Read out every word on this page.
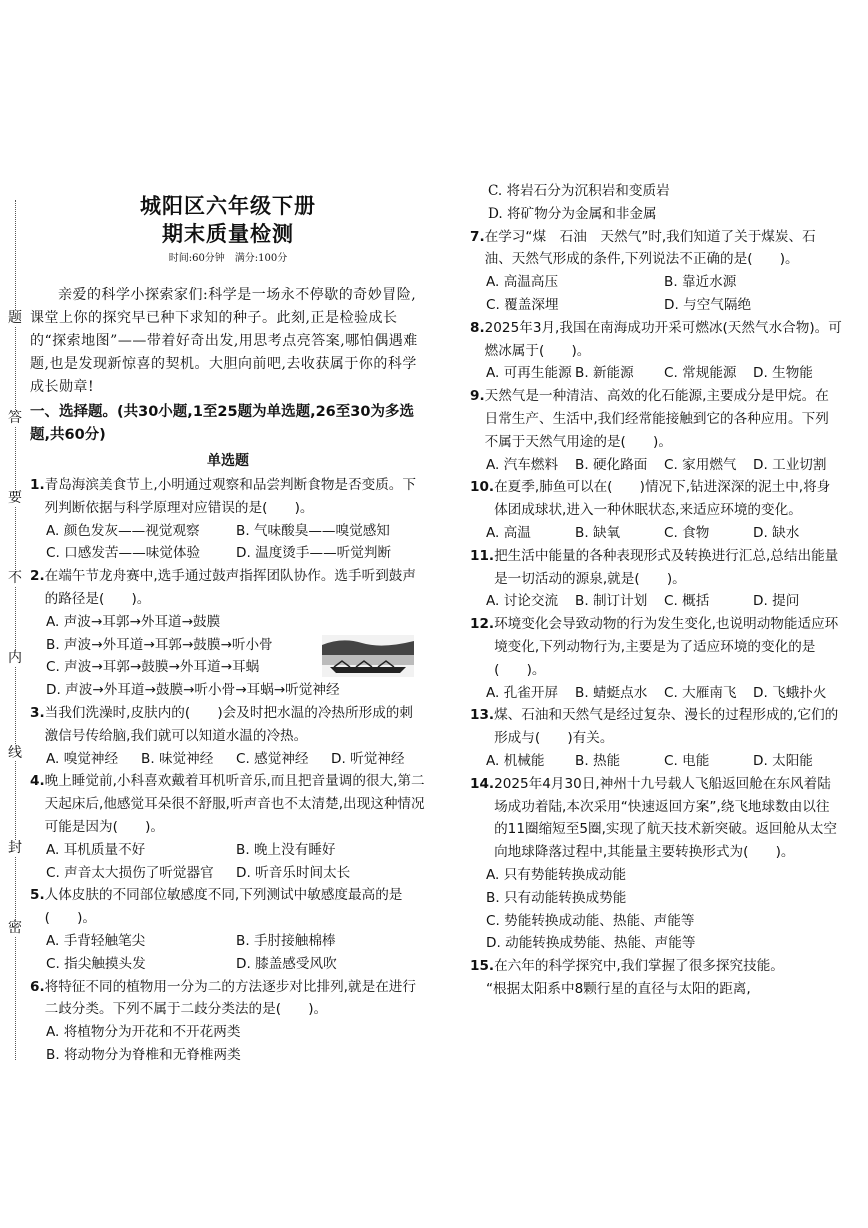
题
答
要
不
内
线
封
密
城阳区六年级下册
期末质量检测
时间:60分钟　满分:100分
亲爱的科学小探索家们:科学是一场永不停歇的奇妙冒险,课堂上你的探究早已种下求知的种子。此刻,正是检验成长的“探索地图”——带着好奇出发,用思考点亮答案,哪怕偶遇难题,也是发现新惊喜的契机。大胆向前吧,去收获属于你的科学成长勋章!
一、选择题。(共30小题,1至25题为单选题,26至30为多选题,共60分)
单选题
1. 青岛海滨美食节上,小明通过观察和品尝判断食物是否变质。下列判断依据与科学原理对应错误的是(　　)。
A. 颜色发灰——视觉观察	B. 气味酸臭——嗅觉感知
C. 口感发苦——味觉体验	D. 温度烫手——听觉判断
2. 在端午节龙舟赛中,选手通过鼓声指挥团队协作。选手听到鼓声的路径是(　　)。
A. 声波→耳郭→外耳道→鼓膜
B. 声波→外耳道→耳郭→鼓膜→听小骨
C. 声波→耳郭→鼓膜→外耳道→耳蜗
D. 声波→外耳道→鼓膜→听小骨→耳蜗→听觉神经
3. 当我们洗澡时,皮肤内的(　　)会及时把水温的冷热所形成的刺激信号传给脑,我们就可以知道水温的冷热。
A. 嗅觉神经	B. 味觉神经	C. 感觉神经	D. 听觉神经
4. 晚上睡觉前,小科喜欢戴着耳机听音乐,而且把音量调的很大,第二天起床后,他感觉耳朵很不舒服,听声音也不太清楚,出现这种情况可能是因为(　　)。
A. 耳机质量不好	B. 晚上没有睡好
C. 声音太大损伤了听觉器官	D. 听音乐时间太长
5. 人体皮肤的不同部位敏感度不同,下列测试中敏感度最高的是(　　)。
A. 手背轻触笔尖	B. 手肘接触棉棒
C. 指尖触摸头发	D. 膝盖感受风吹
6. 将特征不同的植物用一分为二的方法逐步对比排列,就是在进行二歧分类。下列不属于二歧分类法的是(　　)。
A. 将植物分为开花和不开花两类
B. 将动物分为脊椎和无脊椎两类
C. 将岩石分为沉积岩和变质岩
D. 将矿物分为金属和非金属
7. 在学习“煤　石油　天然气”时,我们知道了关于煤炭、石油、天然气形成的条件,下列说法不正确的是(　　)。
A. 高温高压	B. 靠近水源
C. 覆盖深埋	D. 与空气隔绝
8. 2025年3月,我国在南海成功开采可燃冰(天然气水合物)。可燃冰属于(　　)。
A. 可再生能源 B. 新能源	C. 常规能源	D. 生物能
9. 天然气是一种清洁、高效的化石能源,主要成分是甲烷。在日常生产、生活中,我们经常能接触到它的各种应用。下列不属于天然气用途的是(　　)。
A. 汽车燃料	B. 硬化路面	C. 家用燃气	D. 工业切割
10. 在夏季,肺鱼可以在(　　)情况下,钻进深深的泥土中,将身体团成球状,进入一种休眠状态,来适应环境的变化。
A. 高温	B. 缺氧	C. 食物	D. 缺水
11. 把生活中能量的各种表现形式及转换进行汇总,总结出能量是一切活动的源泉,就是(　　)。
A. 讨论交流	B. 制订计划	C. 概括	D. 提问
12. 环境变化会导致动物的行为发生变化,也说明动物能适应环境变化,下列动物行为,主要是为了适应环境的变化的是(　　)。
A. 孔雀开屏	B. 蜻蜓点水	C. 大雁南飞	D. 飞蛾扑火
13. 煤、石油和天然气是经过复杂、漫长的过程形成的,它们的形成与(　　)有关。
A. 机械能	B. 热能	C. 电能	D. 太阳能
14. 2025年4月30日,神州十九号载人飞船返回舱在东风着陆场成功着陆,本次采用“快速返回方案”,绕飞地球数由以往的11圈缩短至5圈,实现了航天技术新突破。返回舱从太空向地球降落过程中,其能量主要转换形式为(　　)。
A. 只有势能转换成动能
B. 只有动能转换成势能
C. 势能转换成动能、热能、声能等
D. 动能转换成势能、热能、声能等
15. 在六年的科学探究中,我们掌握了很多探究技能。
“根据太阳系中8颗行星的直径与太阳的距离,
